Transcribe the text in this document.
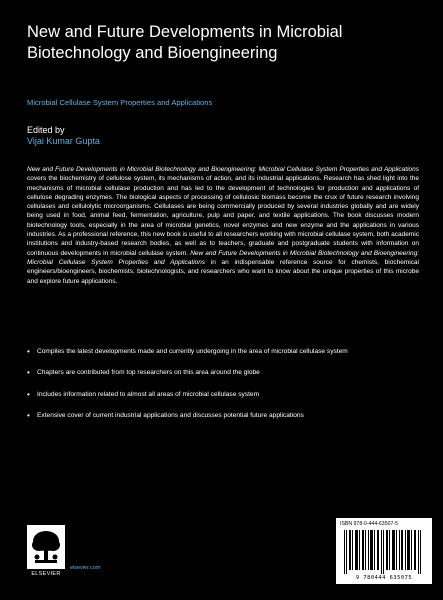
New and Future Developments in Microbial Biotechnology and Bioengineering
Microbial Cellulase System Properties and Applications
Edited by
Vijai Kumar Gupta

New and Future Developments in Microbial Biotechnology and Bioengineering: Microbial Cellulase System Properties and Applications covers the biochemistry of cellulose system, its mechanisms of action, and its industrial applications. Research has shed light into the mechanisms of microbial cellulase production and has led to the development of technologies for production and applications of cellulose degrading enzymes. The biological aspects of processing of cellulosic biomass become the crux of future research involving cellulases and cellulolytic microorganisms. Cellulases are being commercially produced by several industries globally and are widely being used in food, animal feed, fermentation, agriculture, pulp and paper, and textile applications. The book discusses modern biotechnology tools, especially in the area of microbial genetics, novel enzymes and new enzyme and the applications in various industries. As a professional reference, this new book is useful to all researchers working with microbial cellulase system, both academic institutions and industry-based research bodies, as well as to teachers, graduate and postgraduate students with information on continuous developments in microbial cellulase system. New and Future Developments in Microbial Biotechnology and Bioengineering: Microbial Cellulase System Properties and Applications in an indispensable reference source for chemists, biochemical engineers/bioengineers, biochemists, biotechnologists, and researchers who want to know about the unique properties of this microbe and explore future applications.

• Compiles the latest developments made and currently undergoing in the area of microbial cellulase system
• Chapters are contributed from top researchers on this area around the globe
• Includes information related to almost all areas of microbial cellulase system
• Extensive cover of current industrial applications and discusses potential future applications
ELSEVIER
elsevier.com
ISBN 978-0-444-63507-5
9 780444 635075
